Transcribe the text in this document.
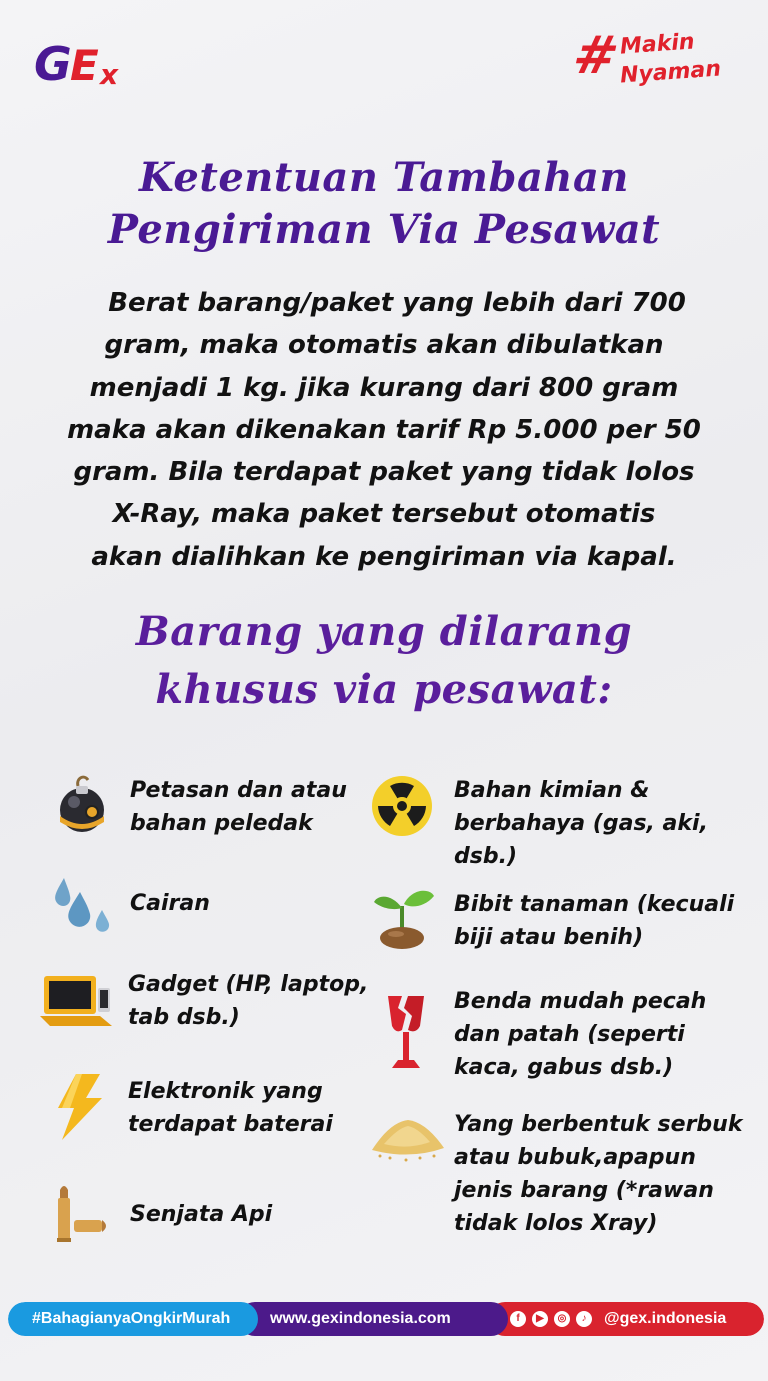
G
E x	#
Makin
Nyaman
Ketentuan Tambahan
Pengiriman Via Pesawat
Berat barang/paket yang lebih dari 700
gram, maka otomatis akan dibulatkan
menjadi 1 kg. jika kurang dari 800 gram
maka akan dikenakan tarif Rp 5.000 per 50
gram. Bila terdapat paket yang tidak lolos
X-Ray, maka paket tersebut otomatis
akan dialihkan ke pengiriman via kapal.
Barang yang dilarang
khusus via pesawat:
Petasan dan atau
bahan peledak
Cairan
Gadget (HP, laptop,
tab dsb.)
Elektronik yang
terdapat baterai
Senjata Api
Bahan kimian &
berbahaya (gas, aki,
dsb.)
Bibit tanaman (kecuali
biji atau benih)
Benda mudah pecah
dan patah (seperti
kaca, gabus dsb.)
Yang berbentuk serbuk
atau bubuk,apapun
jenis barang (*rawan
tidak lolos Xray)
#BahagianyaOngkirMurah www.gexindonesia.com	f	▶	◎	♪	@gex.indonesia
